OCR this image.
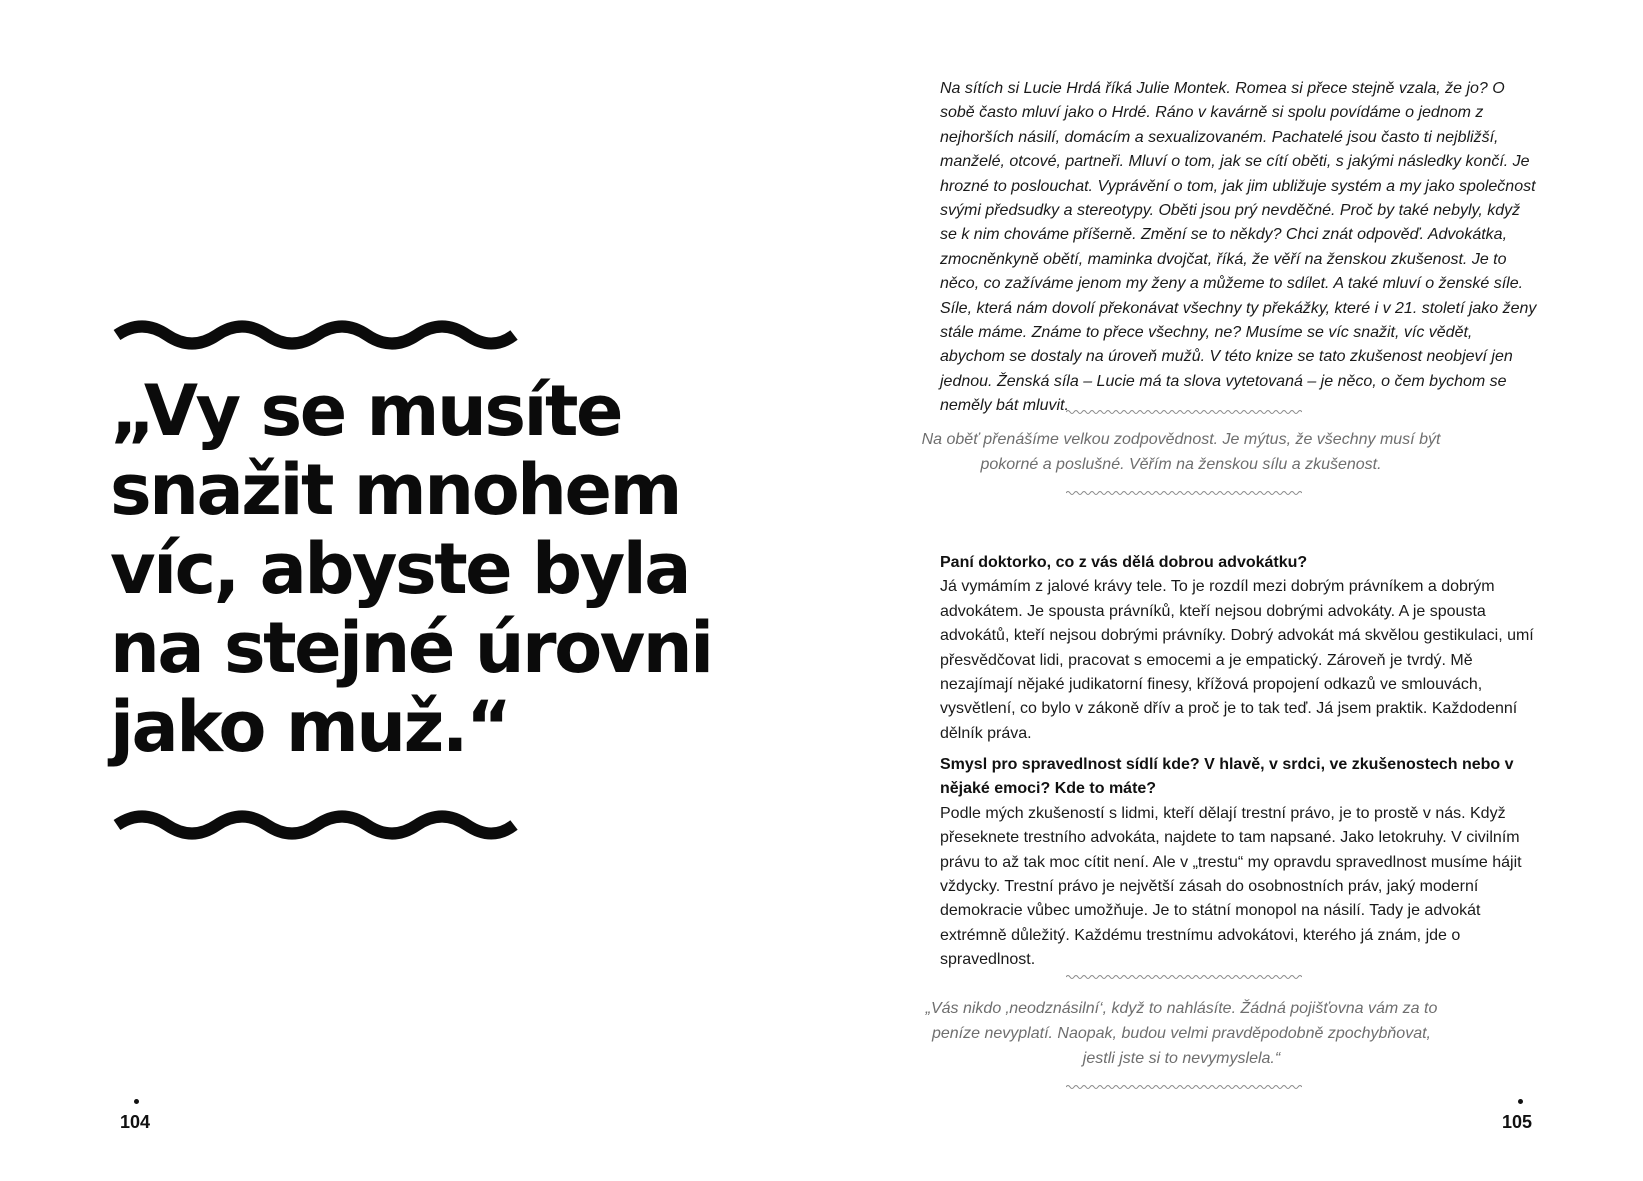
„Vy se musíte
snažit mnohem
víc, abyste byla
na stejné úrovni
jako muž.“

104

Na sítích si Lucie Hrdá říká Julie Montek. Romea si přece stejně vzala, že jo? O sobě často mluví jako o Hrdé. Ráno v kavárně si spolu povídáme o jednom z nejhorších násilí, domácím a sexualizovaném. Pachatelé jsou často ti nejbližší, manželé, otcové, partneři. Mluví o tom, jak se cítí oběti, s jakými následky končí. Je hrozné to poslouchat. Vyprávění o tom, jak jim ubližuje systém a my jako společnost svými předsudky a stereotypy. Oběti jsou prý nevděčné. Proč by také nebyly, když se k nim chováme příšerně. Změní se to někdy? Chci znát odpověď. Advokátka, zmocněnkyně obětí, maminka dvojčat, říká, že věří na ženskou zkušenost. Je to něco, co zažíváme jenom my ženy a můžeme to sdílet. A také mluví o ženské síle. Síle, která nám dovolí překonávat všechny ty překážky, které i v 21. století jako ženy stále máme. Známe to přece všechny, ne? Musíme se víc snažit, víc vědět, abychom se dostaly na úroveň mužů. V této knize se tato zkušenost neobjeví jen jednou. Ženská síla – Lucie má ta slova vytetovaná – je něco, o čem bychom se neměly bát mluvit.

Na oběť přenášíme velkou zodpovědnost. Je mýtus, že všechny musí být pokorné a poslušné. Věřím na ženskou sílu a zkušenost.

Paní doktorko, co z vás dělá dobrou advokátku?

Já vymámím z jalové krávy tele. To je rozdíl mezi dobrým právníkem a dobrým advokátem. Je spousta právníků, kteří nejsou dobrými advokáty. A je spousta advokátů, kteří nejsou dobrými právníky. Dobrý advokát má skvělou gestikulaci, umí přesvědčovat lidi, pracovat s emocemi a je empatický. Zároveň je tvrdý. Mě nezajímají nějaké judikatorní finesy, křížová propojení odkazů ve smlouvách, vysvětlení, co bylo v zákoně dřív a proč je to tak teď. Já jsem praktik. Každodenní dělník práva.

Smysl pro spravedlnost sídlí kde? V hlavě, v srdci, ve zkušenostech nebo v nějaké emoci? Kde to máte?

Podle mých zkušeností s lidmi, kteří dělají trestní právo, je to prostě v nás. Když přeseknete trestního advokáta, najdete to tam napsané. Jako letokruhy. V civilním právu to až tak moc cítit není. Ale v „trestu“ my opravdu spravedlnost musíme hájit vždycky. Trestní právo je největší zásah do osobnostních práv, jaký moderní demokracie vůbec umožňuje. Je to státní monopol na násilí. Tady je advokát extrémně důležitý. Každému trestnímu advokátovi, kterého já znám, jde o spravedlnost.

„Vás nikdo ‚neodznásilní‘, když to nahlásíte. Žádná pojišťovna vám za to peníze nevyplatí. Naopak, budou velmi pravděpodobně zpochybňovat, jestli jste si to nevymyslela.“

105
